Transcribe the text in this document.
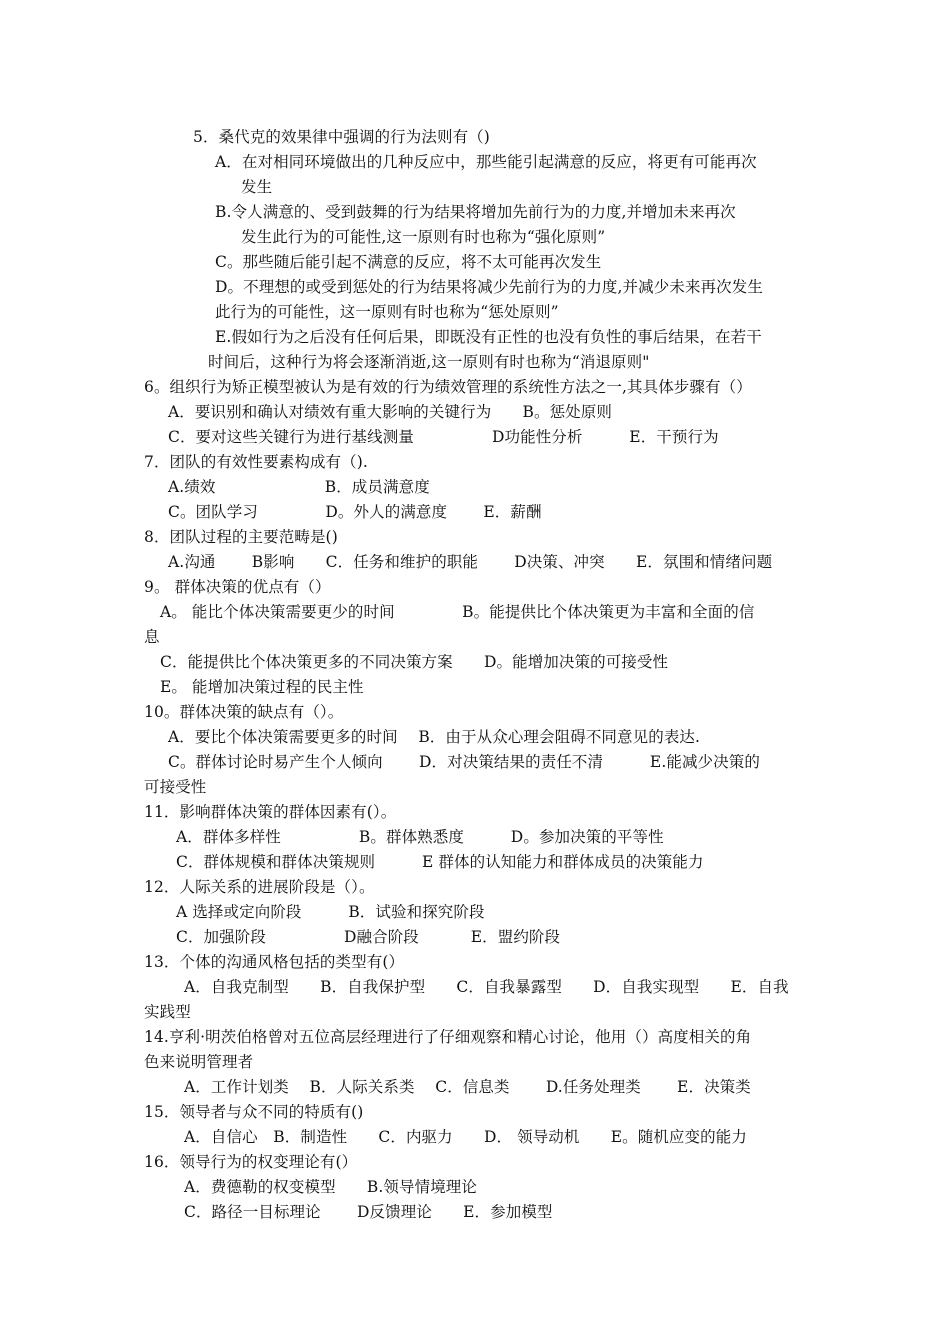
5．桑代克的效果律中强调的行为法则有（)
A．在对相同环境做出的几种反应中，那些能引起满意的反应，将更有可能再次
发生
B.令人满意的、受到鼓舞的行为结果将增加先前行为的力度,并增加未来再次
发生此行为的可能性,这一原则有时也称为“强化原则”
C。那些随后能引起不满意的反应，将不太可能再次发生
D。不理想的或受到惩处的行为结果将减少先前行为的力度,并减少未来再次发生
此行为的可能性，这一原则有时也称为“惩处原则”
E.假如行为之后没有任何后果，即既没有正性的也没有负性的事后结果，在若干
时间后，这种行为将会逐渐消逝,这一原则有时也称为“消退原则"
6。组织行为矫正模型被认为是有效的行为绩效管理的系统性方法之一,其具体步骤有（）
A．要识别和确认对绩效有重大影响的关键行为　　B。惩处原则
C．要对这些关键行为进行基线测量　　　　　D功能性分析　　　E．干预行为
7．团队的有效性要素构成有（).
A.绩效　　　　　　　B．成员满意度
C。团队学习　　　　 D。外人的满意度　　 E．薪酬
8．团队过程的主要范畴是()
A.沟通　　 B影响　　C．任务和维护的职能　　 D决策、冲突　　E．氛围和情绪问题
9。 群体决策的优点有（）
A。 能比个体决策需要更少的时间　　　　 B。能提供比个体决策更为丰富和全面的信
息
C．能提供比个体决策更多的不同决策方案　　D。能增加决策的可接受性
E。 能增加决策过程的民主性
10。群体决策的缺点有（）。
A．要比个体决策需要更多的时间　 B．由于从众心理会阻碍不同意见的表达.
C。群体讨论时易产生个人倾向　　 D．对决策结果的责任不清　　　E.能减少决策的
可接受性
11．影响群体决策的群体因素有(）。
A．群体多样性　　　　　B。群体熟悉度　　　D。参加决策的平等性
C．群体规模和群体决策规则　　　E 群体的认知能力和群体成员的决策能力
12．人际关系的进展阶段是（）。
A 选择或定向阶段　　　B．试验和探究阶段
C．加强阶段　　　　　D融合阶段　　　 E．盟约阶段
13．个体的沟通风格包括的类型有(）
A．自我克制型　　B．自我保护型　　C．自我暴露型　　D．自我实现型　　E．自我
实践型
14.亨利·明茨伯格曾对五位高层经理进行了仔细观察和精心讨论，他用（）高度相关的角
色来说明管理者
A．工作计划类　 B．人际关系类　 C．信息类　　 D.任务处理类　　 E．决策类
15．领导者与众不同的特质有()
A．自信心　B．制造性　　C．内驱力　　D． 领导动机　　E。随机应变的能力
16．领导行为的权变理论有(）
A．费德勒的权变模型　　B.领导情境理论
C．路径一目标理论　　 D反馈理论　　E．参加模型
